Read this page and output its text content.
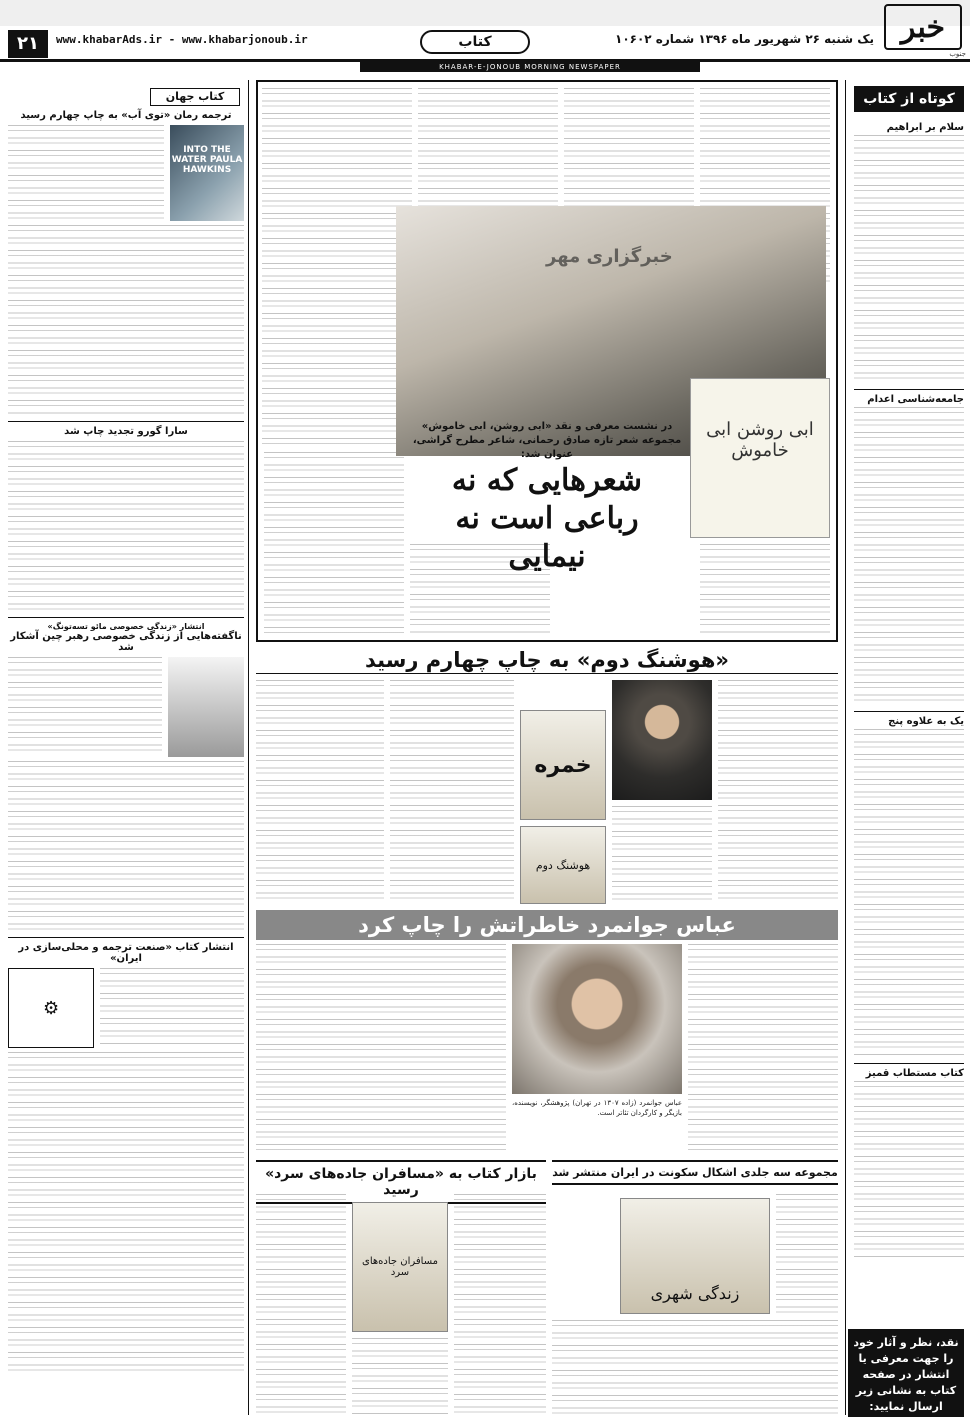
خبر
جنوب
یک شنبه ۲۶ شهریور ماه ۱۳۹۶ شماره ۱۰۶۰۲
کتاب
www.khabarAds.ir - www.khabarjonoub.ir
۲۱
KHABAR-E-JONOUB MORNING NEWSPAPER
کوتاه از کتاب
سلام بر ابراهیم
جامعه‌شناسی اعدام
یک به علاوه پنج
کتاب مستطاب قمیز
نقد، نظر و آثار خود را جهت معرفی یا انتشار در صفحه کتاب به نشانی زیر ارسال نمایید:
ketab@khabarads.com
کتاب جهان
ترجمه رمان «توی آب» به چاپ چهارم رسید
INTO THE WATER PAULA HAWKINS
سارا گورو تجدید چاپ شد
انتشار «زندگی خصوصی مائو تسه‌تونگ»
ناگفته‌هایی از زندگی خصوصی رهبر چین آشکار شد
انتشار کتاب «صنعت ترجمه و محلی‌سازی در ایران»
⚙
خبرگزاری مهر
شعرهایی که نه رباعی است نه نیمایی
در نشست معرفی و نقد «ابی روشن، ابی خاموش» مجموعه شعر تازه صادق رحمانی، شاعر مطرح گراشی، عنوان شد:
ابی روشن ابی خاموش
«هوشنگ دوم» به چاپ چهارم رسید
خمره
هوشنگ دوم
عباس جوانمرد خاطراتش را چاپ کرد
عباس جوانمرد (زاده ۱۳۰۷ در تهران) پژوهشگر، نویسنده، بازیگر و کارگردان تئاتر است.
بازار کتاب به «مسافران جاده‌های سرد» رسید
مسافران جاده‌های سرد
مجموعه سه جلدی اشکال سکونت در ایران منتشر شد
زندگی شهری
